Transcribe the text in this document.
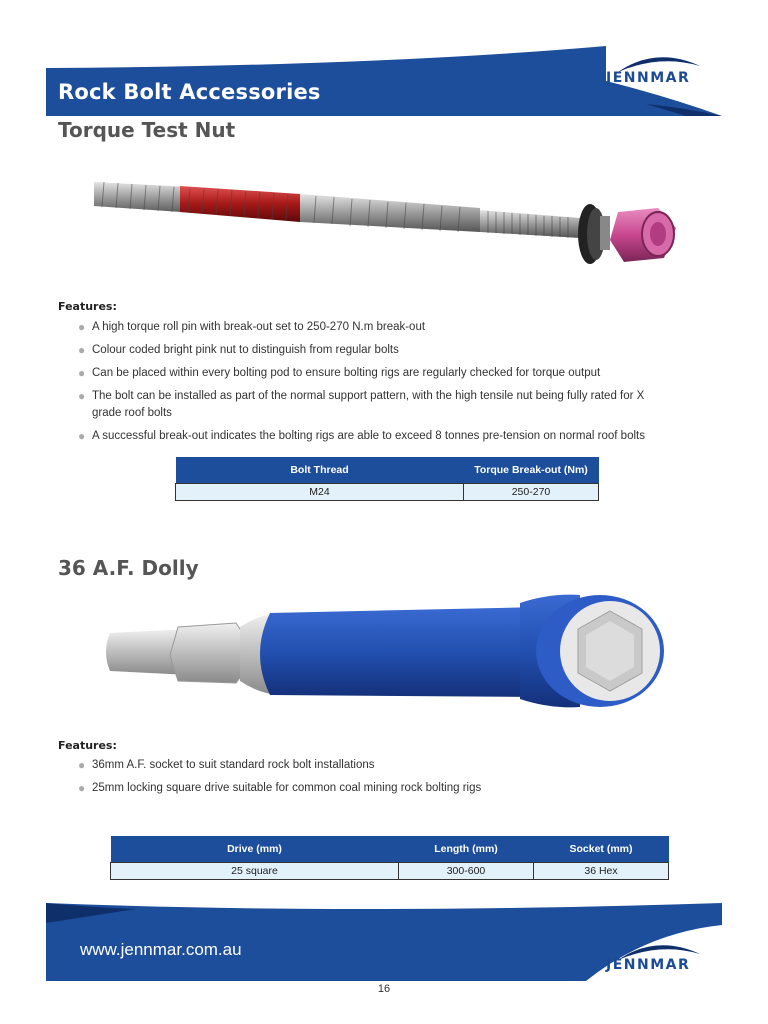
JENNMAR
Rock Bolt Accessories
Torque Test Nut
Features:
● A high torque roll pin with break-out set to 250-270 N.m break-out
● Colour coded bright pink nut to distinguish from regular bolts
● Can be placed within every bolting pod to ensure bolting rigs are regularly checked for torque output
● The bolt can be installed as part of the normal support pattern, with the high tensile nut being fully rated for X grade roof bolts
● A successful break-out indicates the bolting rigs are able to exceed 8 tonnes pre-tension on normal roof bolts
Bolt Thread	Torque Break-out (Nm)
M24	250-270
36 A.F. Dolly
Features:
● 36mm A.F. socket to suit standard rock bolt installations
● 25mm locking square drive suitable for common coal mining rock bolting rigs
Drive (mm)	Length (mm)	Socket (mm)
25 square	300-600	36 Hex
JENNMAR
www.jennmar.com.au
16
